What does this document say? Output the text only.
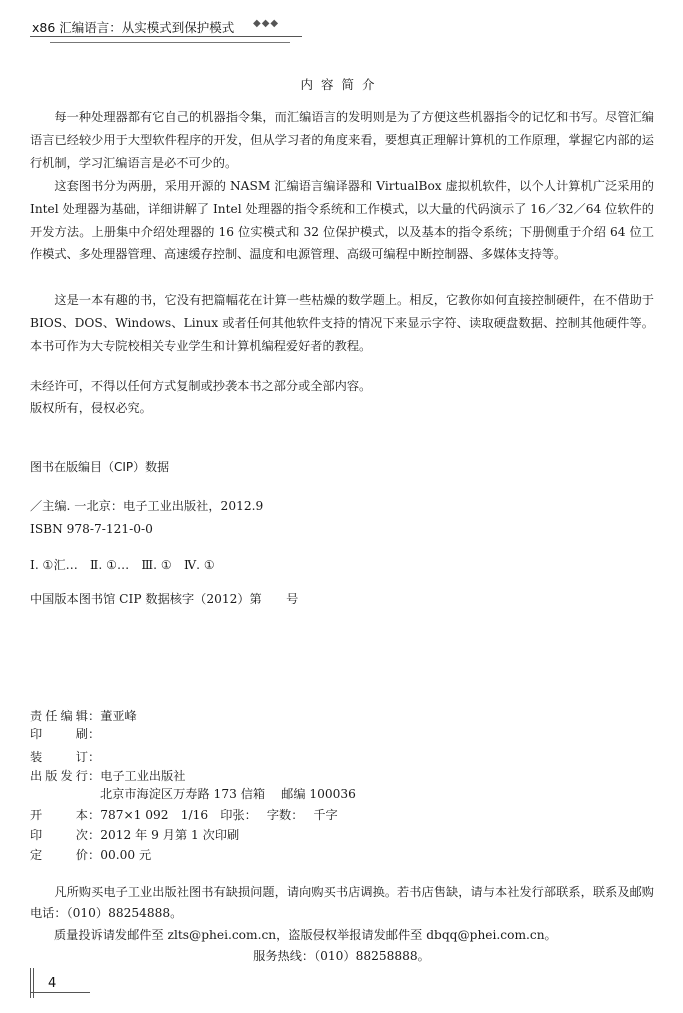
x86 汇编语言：从实模式到保护模式 ◆◆◆
内容简介

每一种处理器都有它自己的机器指令集，而汇编语言的发明则是为了方便这些机器指令的记忆和书写。尽管汇编语言已经较少用于大型软件程序的开发，但从学习者的角度来看，要想真正理解计算机的工作原理，掌握它内部的运行机制，学习汇编语言是必不可少的。

这套图书分为两册，采用开源的 NASM 汇编语言编译器和 VirtualBox 虚拟机软件，以个人计算机广泛采用的 Intel 处理器为基础，详细讲解了 Intel 处理器的指令系统和工作模式，以大量的代码演示了 16／32／64 位软件的开发方法。上册集中介绍处理器的 16 位实模式和 32 位保护模式，以及基本的指令系统；下册侧重于介绍 64 位工作模式、多处理器管理、高速缓存控制、温度和电源管理、高级可编程中断控制器、多媒体支持等。

这是一本有趣的书，它没有把篇幅花在计算一些枯燥的数学题上。相反，它教你如何直接控制硬件，在不借助于 BIOS、DOS、Windows、Linux 或者任何其他软件支持的情况下来显示字符、读取硬盘数据、控制其他硬件等。本书可作为大专院校相关专业学生和计算机编程爱好者的教程。

未经许可，不得以任何方式复制或抄袭本书之部分或全部内容。
版权所有，侵权必究。
图书在版编目（CIP）数据
／主编. 一北京：电子工业出版社，2012.9
ISBN 978-7-121-0-0
Ⅰ. ①汇…　Ⅱ. ①…　Ⅲ. ①　Ⅳ. ①
中国版本图书馆 CIP 数据核字（2012）第　　号
责任编辑：董亚峰
印刷：
装订：
出版发行：电子工业出版社
北京市海淀区万寿路 173 信箱　 邮编 100036
开本：787×1 092　1/16　印张：　 字数：　 千字
印次：2012 年 9 月第 1 次印刷
定价：00.00 元

凡所购买电子工业出版社图书有缺损问题，请向购买书店调换。若书店售缺，请与本社发行部联系，联系及邮购电话：（010）88254888。

质量投诉请发邮件至 zlts@phei.com.cn，盗版侵权举报请发邮件至 dbqq@phei.com.cn。
服务热线：（010）88258888。
4
